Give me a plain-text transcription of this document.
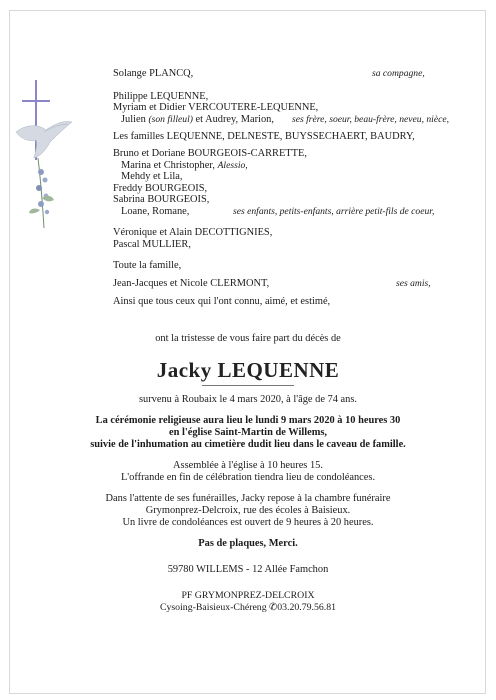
Solange PLANCQ,	sa compagne,
Philippe LEQUENNE,
Myriam et Didier VERCOUTERE-LEQUENNE,
Julien (son filleul) et Audrey, Marion, ses frère, soeur, beau-frère, neveu, nièce,
Les familles LEQUENNE, DELNESTE, BUYSSECHAERT, BAUDRY,
Bruno et Doriane BOURGEOIS-CARRETTE,
Marina et Christopher, Alessio,
Mehdy et Lila,
Freddy BOURGEOIS,
Sabrina BOURGEOIS,
Loane, Romane,	ses enfants, petits-enfants, arrière petit-fils de coeur,
Véronique et Alain DECOTTIGNIES,
Pascal MULLIER,
Toute la famille,
Jean-Jacques et Nicole CLERMONT,	ses amis,
Ainsi que tous ceux qui l'ont connu, aimé, et estimé,
ont la tristesse de vous faire part du décès de
Jacky LEQUENNE
survenu à Roubaix le 4 mars 2020, à l'âge de 74 ans.
La cérémonie religieuse aura lieu le lundi 9 mars 2020 à 10 heures 30
en l'église Saint-Martin de Willems,
suivie de l'inhumation au cimetière dudit lieu dans le caveau de famille.
Assemblée à l'église à 10 heures 15.
L'offrande en fin de célébration tiendra lieu de condoléances.
Dans l'attente de ses funérailles, Jacky repose à la chambre funéraire
Grymonprez-Delcroix, rue des écoles à Baisieux.
Un livre de condoléances est ouvert de 9 heures à 20 heures.
Pas de plaques, Merci.
59780 WILLEMS - 12 Allée Famchon
PF GRYMONPREZ-DELCROIX
Cysoing-Baisieux-Chéreng ✆03.20.79.56.81
